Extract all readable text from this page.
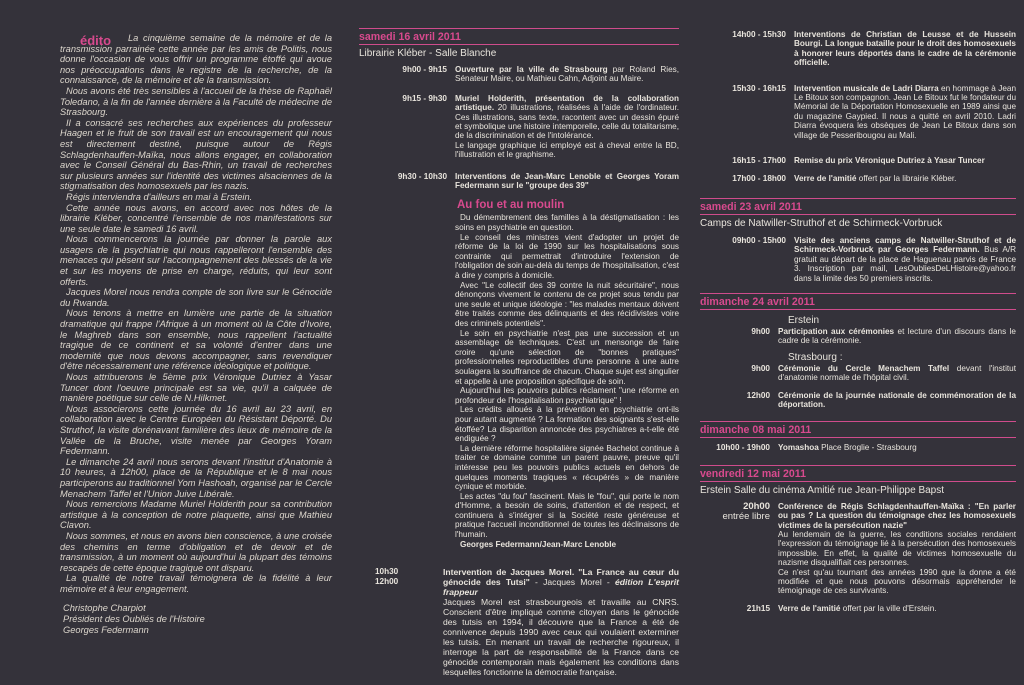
édito	La cinquième semaine de la mémoire et de la transmission parrainée cette année par les amis de Politis, nous donne l'occasion de vous offrir un programme étoffé qui avoue nos préoccupations dans le registre de la recherche, de la connaissance, de la mémoire et de la transmission.

Nous avons été très sensibles à l'accueil de la thèse de Raphaël Toledano, à la fin de l'année dernière à la Faculté de médecine de Strasbourg.

Il a consacré ses recherches aux expériences du professeur Haagen et le fruit de son travail est un encouragement qui nous est directement destiné, puisque autour de Régis Schlagdenhauffen-Maïka, nous allons engager, en collaboration avec le Conseil Général du Bas-Rhin, un travail de recherches sur plusieurs années sur l'identité des victimes alsaciennes de la stigmatisation des homosexuels par les nazis.

Régis interviendra d'ailleurs en mai à Erstein.

Cette année nous avons, en accord avec nos hôtes de la librairie Kléber, concentré l'ensemble de nos manifestations sur une seule date le samedi 16 avril.

Nous commencerons la journée par donner la parole aux usagers de la psychiatrie qui nous rappelleront l'ensemble des menaces qui pèsent sur l'accompagnement des blessés de la vie et sur les moyens de prise en charge, réduits, qui leur sont offerts.

Jacques Morel nous rendra compte de son livre sur le Génocide du Rwanda.

Nous tenons à mettre en lumière une partie de la situation dramatique qui frappe l'Afrique à un moment où la Côte d'Ivoire, le Maghreb dans son ensemble, nous rappellent l'actualité tragique de ce continent et sa volonté d'entrer dans une modernité que nous devons accompagner, sans revendiquer d'être nécessairement une référence idéologique et politique.

Nous attribuerons le 5ème prix Véronique Dutriez à Yasar Tuncer dont l'oeuvre principale est sa vie, qu'il a calquée de manière poétique sur celle de N.Hilkmet.

Nous associerons cette journée du 16 avril au 23 avril, en collaboration avec le Centre Européen du Résistant Déporté. Du Struthof, la visite dorénavant familière des lieux de mémoire de la Vallée de la Bruche, visite menée par Georges Yoram Federmann.

Le dimanche 24 avril nous serons devant l'institut d'Anatomie à 10 heures, à 12h00, place de la République et le 8 mai nous participerons au traditionnel Yom Hashoah, organisé par le Cercle Menachem Taffel et l'Union Juive Libérale.

Nous remercions Madame Muriel Holderith pour sa contribution artistique à la conception de notre plaquette, ainsi que Mathieu Clavon.

Nous sommes, et nous en avons bien conscience, à une croisée des chemins en terme d'obligation et de devoir et de transmission, à un moment où aujourd'hui la plupart des témoins rescapés de cette époque tragique ont disparu.

La qualité de notre travail témoignera de la fidélité à leur mémoire et à leur engagement.

Christophe Charpiot
Président des Oubliés de l'Histoire
Georges Federmann
samedi 16 avril 2011
Librairie Kléber - Salle Blanche
9h00 - 9h15 Ouverture par la ville de Strasbourg par Roland Ries, Sénateur Maire, ou Mathieu Cahn, Adjoint au Maire.
9h15 - 9h30 Muriel Holderith, présentation de la collaboration artistique. 20 illustrations, réalisées à l'aide de l'ordinateur. Ces illustrations, sans texte, racontent avec un dessin épuré et symbolique une histoire intemporelle, celle du totalitarisme, de la discrimination et de l'intolérance.
Le langage graphique ici employé est à cheval entre la BD, l'illustration et le graphisme.
9h30 - 10h30 Interventions de Jean-Marc Lenoble et Georges Yoram Federmann sur le "groupe des 39"
Au fou et au moulin

Du démembrement des familles à la déstigmatisation : les soins en psychiatrie en question.

Le conseil des ministres vient d'adopter un projet de réforme de la loi de 1990 sur les hospitalisations sous contrainte qui permettrait d'introduire l'extension de l'obligation de soin au-delà du temps de l'hospitalisation, c'est à dire y compris à domicile.

Avec "Le collectif des 39 contre la nuit sécuritaire", nous dénonçons vivement le contenu de ce projet sous tendu par une seule et unique idéologie : "les malades mentaux doivent être traités comme des délinquants et des récidivistes voire des criminels potentiels".

Le soin en psychiatrie n'est pas une succession et un assemblage de techniques. C'est un mensonge de faire croire qu'une sélection de "bonnes pratiques" professionnelles reproductibles d'une personne à une autre soulagera la souffrance de chacun. Chaque sujet est singulier et appelle à une proposition spécifique de soin.

Aujourd'hui les pouvoirs publics réclament "une réforme en profondeur de l'hospitalisation psychiatrique" !

Les crédits alloués à la prévention en psychiatrie ont-ils pour autant augmenté ? La formation des soignants s'est-elle étoffée? La disparition annoncée des psychiatres a-t-elle été endiguée ?

La dernière réforme hospitalière signée Bachelot continue à traiter ce domaine comme un parent pauvre, preuve qu'il intéresse peu les pouvoirs publics actuels en dehors de quelques moments tragiques « récupérés » de manière cynique et morbide.

Les actes "du fou" fascinent. Mais le "fou", qui porte le nom d'Homme, a besoin de soins, d'attention et de respect, et continuera à s'intégrer si la Société reste généreuse et pratique l'accueil inconditionnel de toutes les déclinaisons de l'humain.

Georges Federmann/Jean-Marc Lenoble

10h30
12h00
Intervention de Jacques Morel. "La France au cœur du génocide des Tutsi" - Jacques Morel - édition L'esprit frappeur
Jacques Morel est strasbourgeois et travaille au CNRS. Conscient d'être impliqué comme citoyen dans le génocide des tutsis en 1994, il découvre que la France a été de connivence depuis 1990 avec ceux qui voulaient exterminer les tutsis. En menant un travail de recherche rigoureux, il interroge la part de responsabilité de la France dans ce génocide contemporain mais également les conditions dans lesquelles fonctionne la démocratie française.
14h00 - 15h30 Interventions de Christian de Leusse et de Hussein Bourgi. La longue bataille pour le droit des homosexuels à honorer leurs déportés dans le cadre de la cérémonie officielle.
15h30 - 16h15 Intervention musicale de Ladri Diarra en hommage à Jean Le Bitoux son compagnon. Jean Le Bitoux fut le fondateur du Mémorial de la Déportation Homosexuelle en 1989 ainsi que du magazine Gaypied. Il nous a quitté en avril 2010. Ladri Diarra évoquera les obsèques de Jean Le Bitoux dans son village de Pesseribougou au Mali.
16h15 - 17h00 Remise du prix Véronique Dutriez à Yasar Tuncer
17h00 - 18h00 Verre de l'amitié offert par la librairie Kléber.
samedi 23 avril 2011
Camps de Natwiller-Struthof et de Schirmeck-Vorbruck
09h00 - 15h00 Visite des anciens camps de Natwiller-Struthof et de Schirmeck-Vorbruck par Georges Federmann. Bus A/R gratuit au départ de la place de Haguenau parvis de France 3. Inscription par mail, LesOubliesDeLHistoire@yahoo.fr dans la limite des 50 premiers inscrits.
dimanche 24 avril 2011
Erstein
9h00 Participation aux cérémonies et lecture d'un discours dans le cadre de la cérémonie.
Strasbourg :
9h00 Cérémonie du Cercle Menachem Taffel devant l'institut d'anatomie normale de l'hôpital civil.
12h00 Cérémonie de la journée nationale de commémoration de la déportation.
dimanche 08 mai 2011
10h00 - 19h00 Yomashoa Place Broglie - Strasbourg
vendredi 12 mai 2011
Erstein Salle du cinéma Amitié rue Jean-Philippe Bapst
20h00
entrée libre
Conférence de Régis Schlagdenhauffen-Maïka : "En parler ou pas ? La question du témoignage chez les homosexuels victimes de la persécution nazie"
Au lendemain de la guerre, les conditions sociales rendaient l'expression du témoignage lié à la persécution des homosexuels impossible. En effet, la qualité de victimes homosexuelle du nazisme disqualifiait ces personnes.
Ce n'est qu'au tournant des années 1990 que la donne a été modifiée et que nous pouvons désormais appréhender le témoignage de ces survivants.
21h15 Verre de l'amitié offert par la ville d'Erstein.
